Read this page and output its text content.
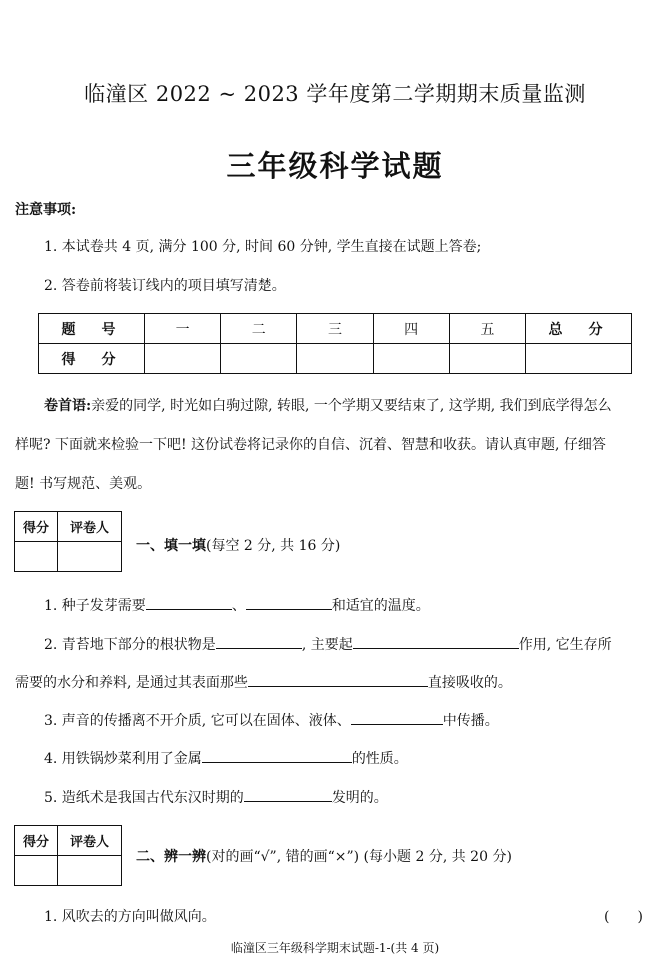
临潼区 2022 ~ 2023 学年度第二学期期末质量监测
三年级科学试题
注意事项:
1. 本试卷共 4 页, 满分 100 分, 时间 60 分钟, 学生直接在试题上答卷;
2. 答卷前将装订线内的项目填写清楚。
题　号	一	二	三	四	五	总　分
得　分						
卷首语:亲爱的同学, 时光如白驹过隙, 转眼, 一个学期又要结束了, 这学期, 我们到底学得怎么
样呢? 下面就来检验一下吧! 这份试卷将记录你的自信、沉着、智慧和收获。请认真审题, 仔细答
题! 书写规范、美观。
得分	评卷人

一、填一填(每空 2 分, 共 16 分)
1. 种子发芽需要	、	和适宜的温度。
2. 青苔地下部分的根状物是	, 主要起	作用, 它生存所
需要的水分和养料, 是通过其表面那些	直接吸收的。
3. 声音的传播离不开介质, 它可以在固体、液体、	中传播。
4. 用铁锅炒菜利用了金属	的性质。
5. 造纸术是我国古代东汉时期的	发明的。
得分	评卷人

二、辨一辨(对的画“√”, 错的画“×”) (每小题 2 分, 共 20 分)
1. 风吹去的方向叫做风向。	(　　)
临潼区三年级科学期末试题-1-(共 4 页)
